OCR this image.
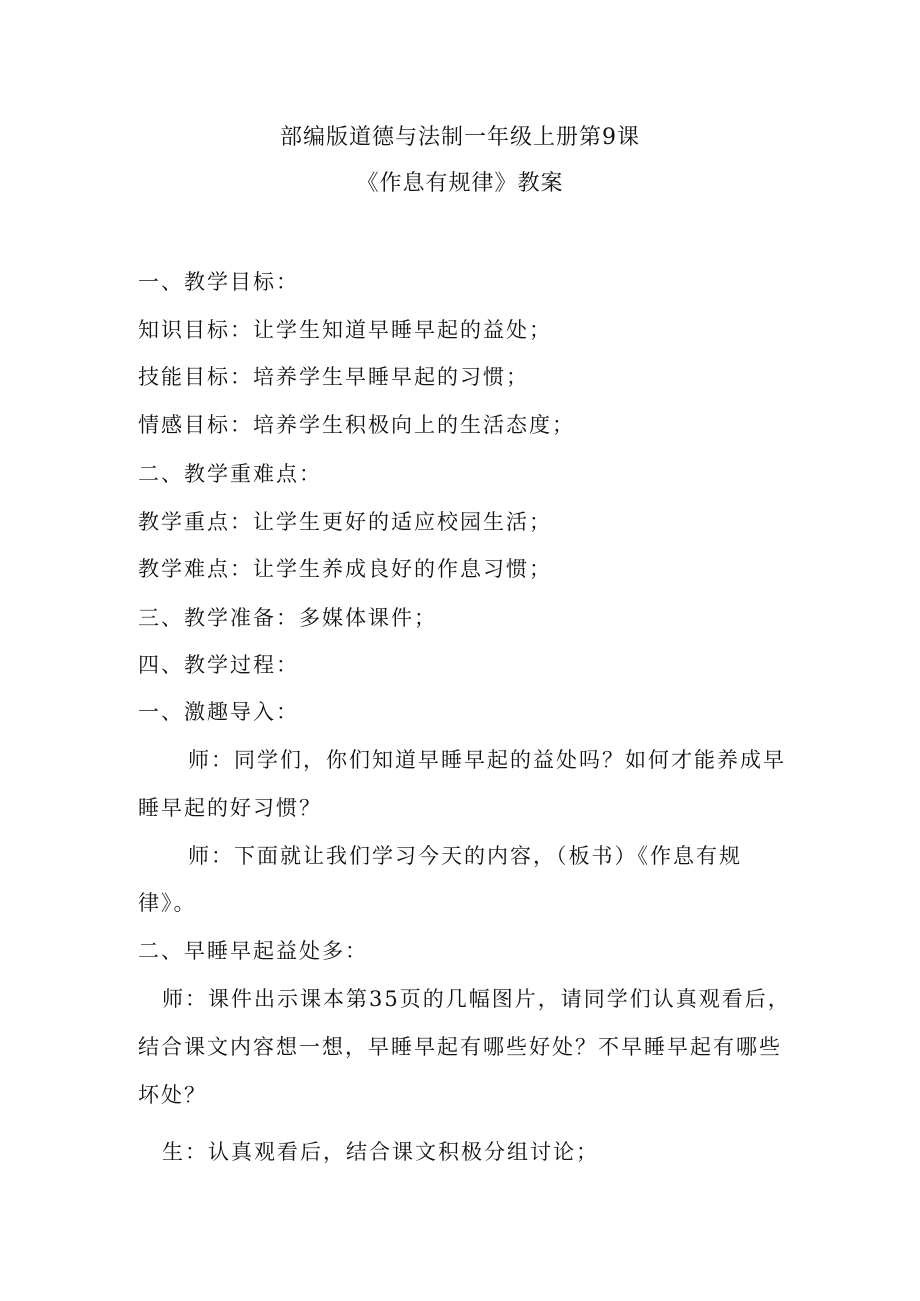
部编版道德与法制一年级上册第9课
《作息有规律》教案
一、教学目标：
知识目标：让学生知道早睡早起的益处；
技能目标：培养学生早睡早起的习惯；
情感目标：培养学生积极向上的生活态度；
二、教学重难点：
教学重点：让学生更好的适应校园生活；
教学难点：让学生养成良好的作息习惯；
三、教学准备：多媒体课件；
四、教学过程：
一、激趣导入：
师：同学们，你们知道早睡早起的益处吗？如何才能养成早
睡早起的好习惯？
师：下面就让我们学习今天的内容，（板书）《作息有规
律》。
二、早睡早起益处多：
师：课件出示课本第35页的几幅图片，请同学们认真观看后，
结合课文内容想一想，早睡早起有哪些好处？不早睡早起有哪些
坏处？
生：认真观看后，结合课文积极分组讨论；
